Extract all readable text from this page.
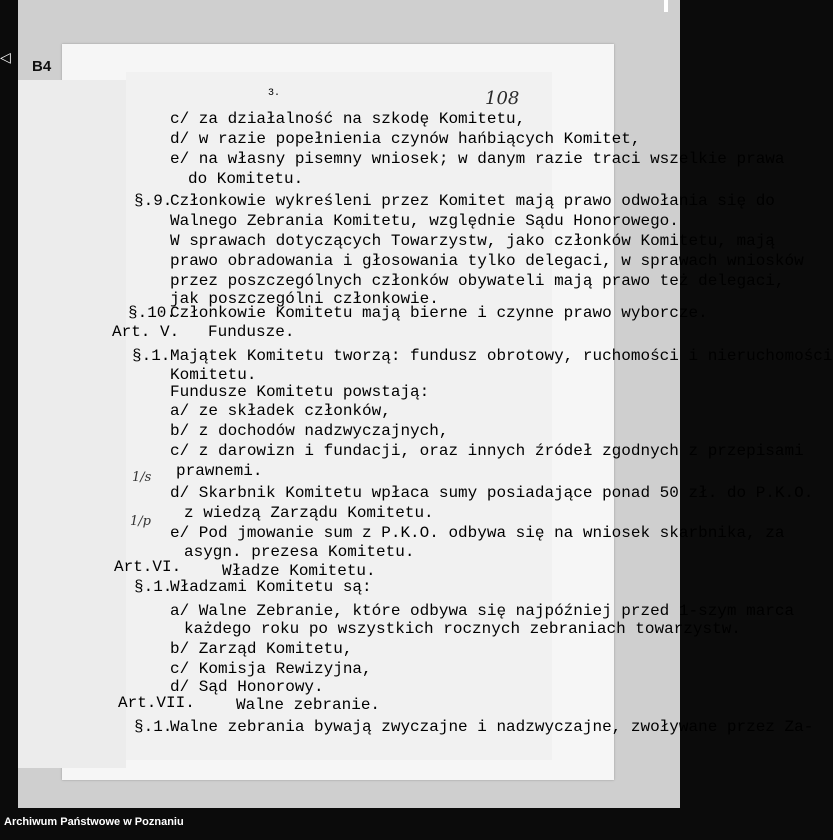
◁	B4
3.	108
1/s
1/p
§.9.
§.10.
Art. V.
§.1.
Art.VI.
§.1.
Art.VII.
§.1.
c/ za działalność na szkodę Komitetu,
d/ w razie popełnienia czynów hańbiących Komitet,
e/ na własny pisemny wniosek; w danym razie traci wszelkie prawa
do Komitetu.
Członkowie wykreśleni przez Komitet mają prawo odwołania się do
Walnego Zebrania Komitetu, względnie Sądu Honorowego.
W sprawach dotyczących Towarzystw, jako członków Komitetu, mają
prawo obradowania i głosowania tylko delegaci, w sprawach wniosków
przez poszczególnych członków obywateli mają prawo też delegaci,
jak poszczególni członkowie.
Członkowie Komitetu mają bierne i czynne prawo wyborcze.
Fundusze.
Majątek Komitetu tworzą: fundusz obrotowy, ruchomości i nieruchomości
Komitetu.
Fundusze Komitetu powstają:
a/ ze składek członków,
b/ z dochodów nadzwyczajnych,
c/ z darowizn i fundacji, oraz innych źródeł zgodnych z przepisami
prawnemi.
d/ Skarbnik Komitetu wpłaca sumy posiadające ponad 50 zł. do P.K.O.
z wiedzą Zarządu Komitetu.
e/ Pod jmowanie sum z P.K.O. odbywa się na wniosek skarbnika, za
asygn. prezesa Komitetu.
Władze Komitetu.
Władzami Komitetu są:
a/ Walne Zebranie, które odbywa się najpóźniej przed 1-szym marca
każdego roku po wszystkich rocznych zebraniach towarzystw.
b/ Zarząd Komitetu,
c/ Komisja Rewizyjna,
d/ Sąd Honorowy.
Walne zebranie.
Walne zebrania bywają zwyczajne i nadzwyczajne, zwoływane przez Za-
Archiwum Państwowe w Poznaniu
